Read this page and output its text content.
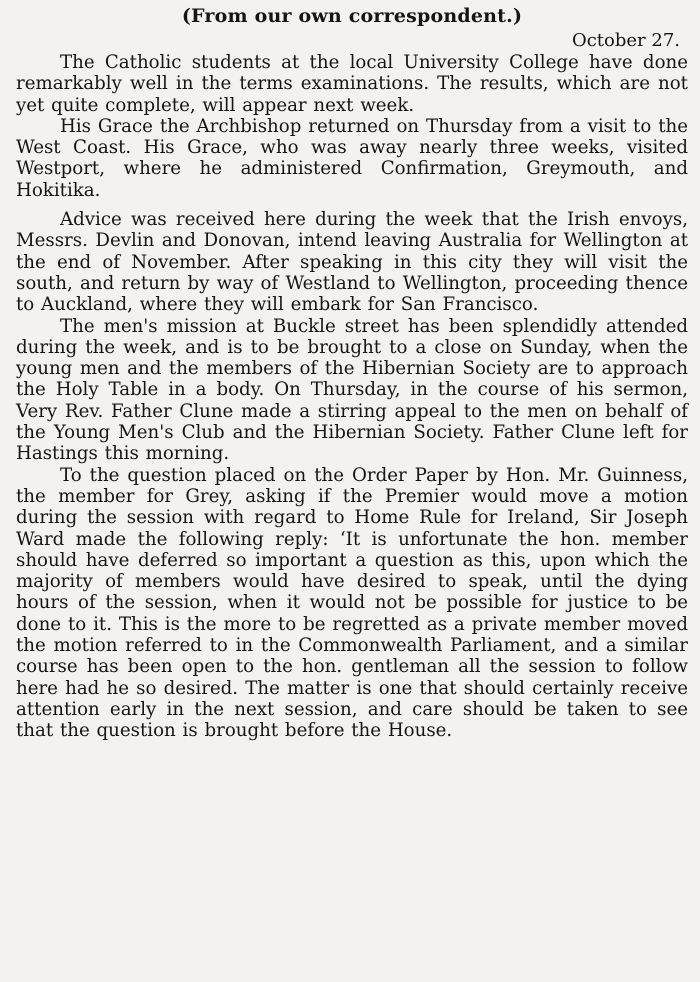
(From our own correspondent.)
October 27.

The Catholic students at the local University College have done remarkably well in the terms examinations. The results, which are not yet quite complete, will appear next week.

His Grace the Archbishop returned on Thursday from a visit to the West Coast. His Grace, who was away nearly three weeks, visited Westport, where he administered Confirmation, Greymouth, and Hokitika.

Advice was received here during the week that the Irish envoys, Messrs. Devlin and Donovan, intend leaving Australia for Wellington at the end of November. After speaking in this city they will visit the south, and return by way of Westland to Wellington, proceeding thence to Auckland, where they will embark for San Francisco.

The men's mission at Buckle street has been splendidly attended during the week, and is to be brought to a close on Sunday, when the young men and the members of the Hibernian Society are to approach the Holy Table in a body. On Thursday, in the course of his sermon, Very Rev. Father Clune made a stirring appeal to the men on behalf of the Young Men's Club and the Hibernian Society. Father Clune left for Hastings this morning.

To the question placed on the Order Paper by Hon. Mr. Guinness, the member for Grey, asking if the Premier would move a motion during the session with regard to Home Rule for Ireland, Sir Joseph Ward made the following reply: ‘It is unfortunate the hon. member should have deferred so important a question as this, upon which the majority of members would have desired to speak, until the dying hours of the session, when it would not be possible for justice to be done to it. This is the more to be regretted as a private member moved the motion referred to in the Commonwealth Parliament, and a similar course has been open to the hon. gentleman all the session to follow here had he so desired. The matter is one that should certainly receive attention early in the next session, and care should be taken to see that the question is brought before the House.
